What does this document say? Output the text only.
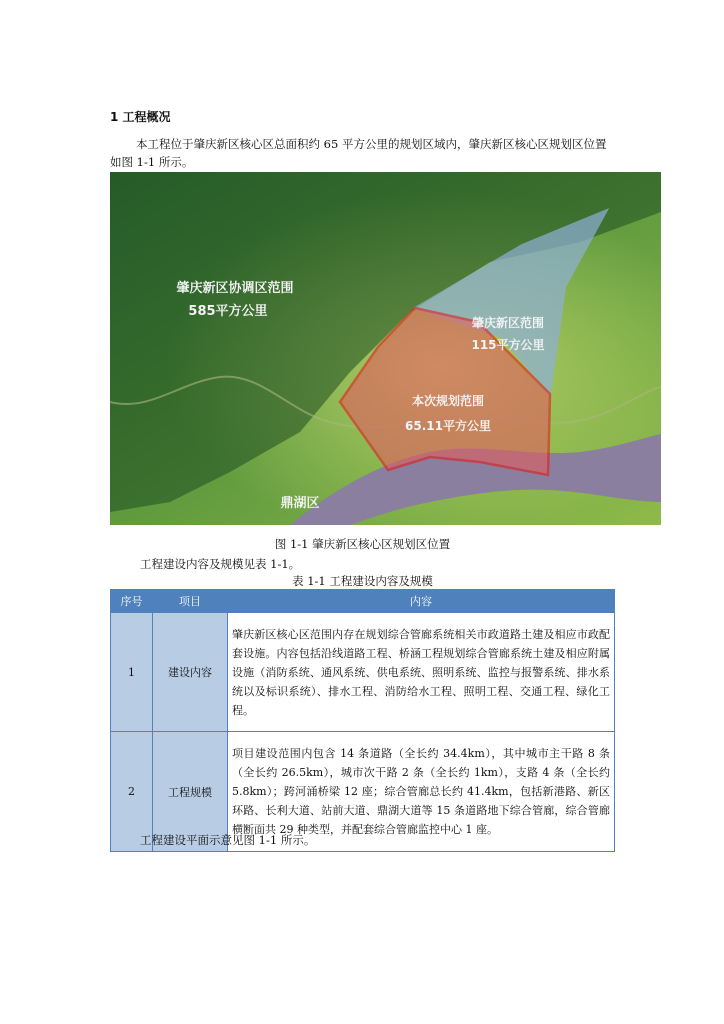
1 工程概况
本工程位于肇庆新区核心区总面积约 65 平方公里的规划区域内，肇庆新区核心区规划区位置如图 1-1 所示。
肇庆新区协调区范围
585平方公里
肇庆新区范围
115平方公里
本次规划范围
65.11平方公里
鼎湖区
图 1-1 肇庆新区核心区规划区位置
工程建设内容及规模见表 1-1。
表 1-1 工程建设内容及规模
序号	项目	内容
1	建设内容	肇庆新区核心区范围内存在规划综合管廊系统相关市政道路土建及相应市政配套设施。内容包括沿线道路工程、桥涵工程规划综合管廊系统土建及相应附属设施（消防系统、通风系统、供电系统、照明系统、监控与报警系统、排水系统以及标识系统）、排水工程、消防给水工程、照明工程、交通工程、绿化工程。
2	工程规模	项目建设范围内包含 14 条道路（全长约 34.4km），其中城市主干路 8 条（全长约 26.5km），城市次干路 2 条（全长约 1km），支路 4 条（全长约 5.8km）；跨河涌桥梁 12 座；综合管廊总长约 41.4km，包括新港路、新区环路、长利大道、站前大道、鼎湖大道等 15 条道路地下综合管廊，综合管廊横断面共 29 种类型，并配套综合管廊监控中心 1 座。
工程建设平面示意见图 1-1 所示。
